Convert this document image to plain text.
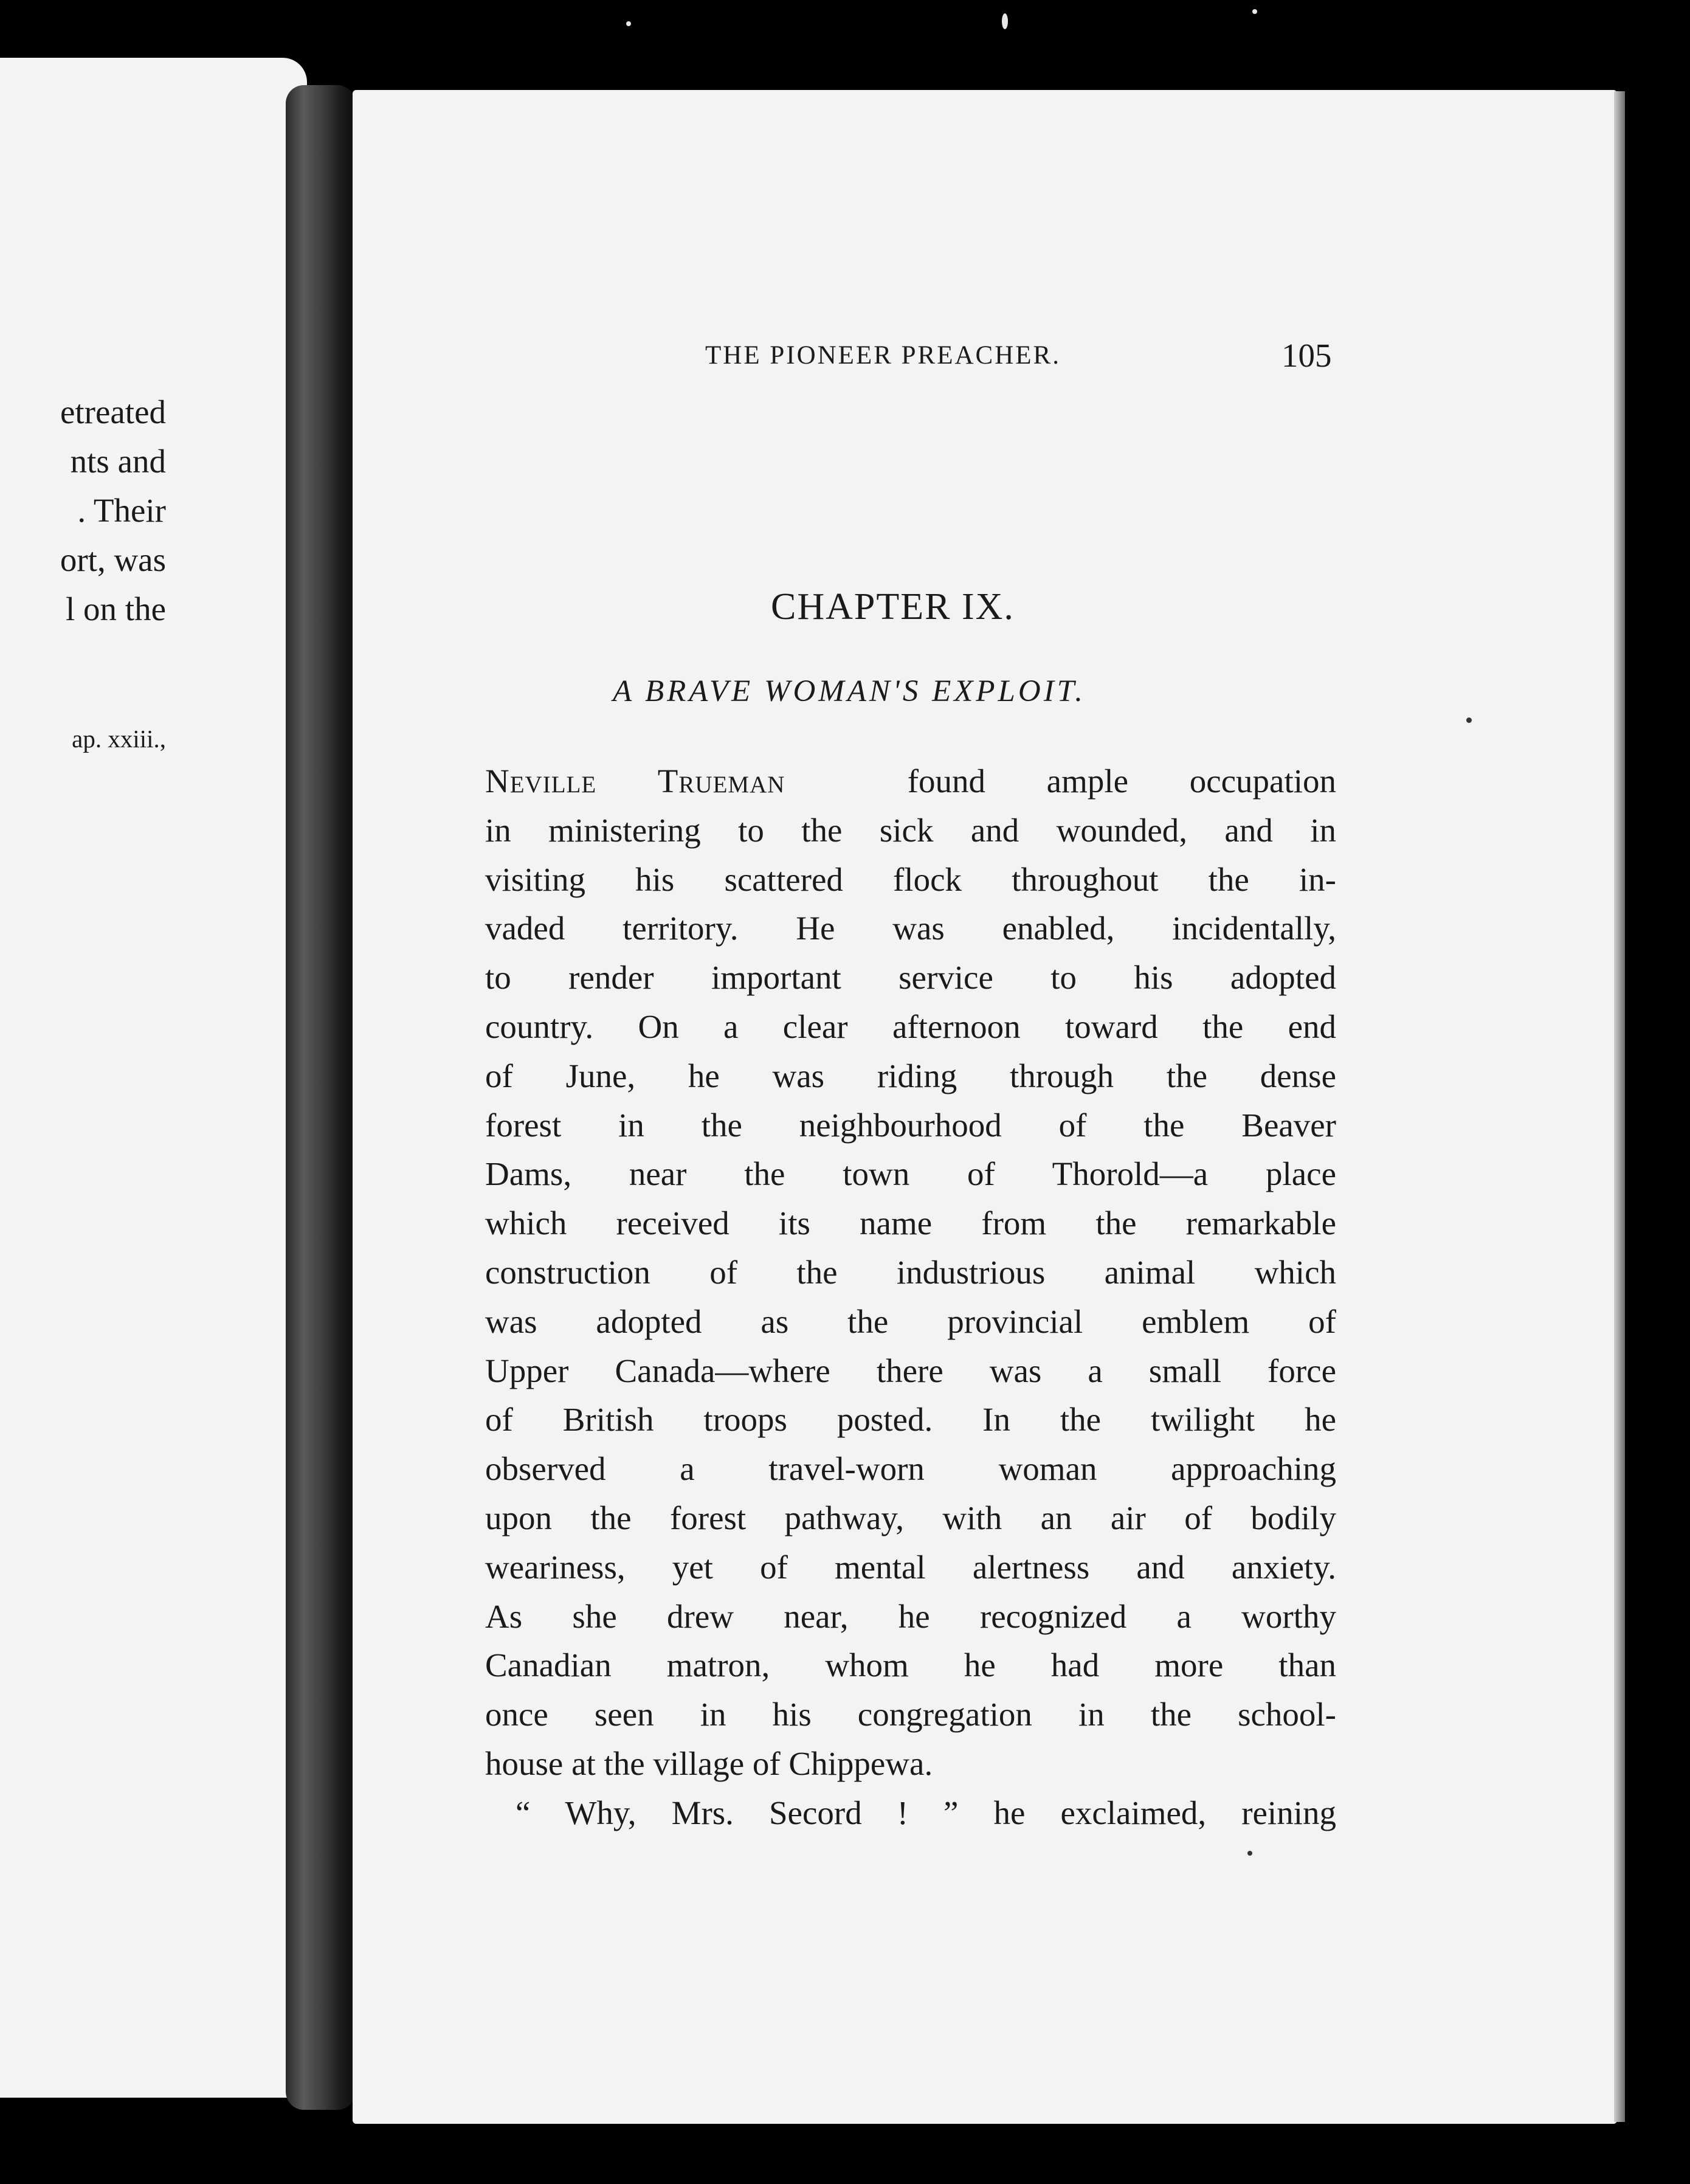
etreated
nts and
. Their
ort, was
l on the
ap. xxiii.,
THE PIONEER PREACHER.	105
CHAPTER IX.
A BRAVE WOMAN'S EXPLOIT.
Neville Trueman	found ample occupation
in ministering to the sick and wounded, and in
visiting his scattered flock throughout the in-
vaded territory. He was enabled, incidentally,
to render important service to his adopted
country. On a clear afternoon toward the end
of June, he was riding through the dense
forest in the neighbourhood of the Beaver
Dams, near the town of Thorold—a place
which received its name from the remarkable
construction of the industrious animal which
was adopted as the provincial emblem of
Upper Canada—where there was a small force
of British troops posted. In the twilight he
observed a travel-worn woman approaching
upon the forest pathway, with an air of bodily
weariness, yet of mental alertness and anxiety.
As she drew near, he recognized a worthy
Canadian matron, whom he had more than
once seen in his congregation in the school-
house at the village of Chippewa.
“ Why, Mrs. Secord ! ” he exclaimed, reining
